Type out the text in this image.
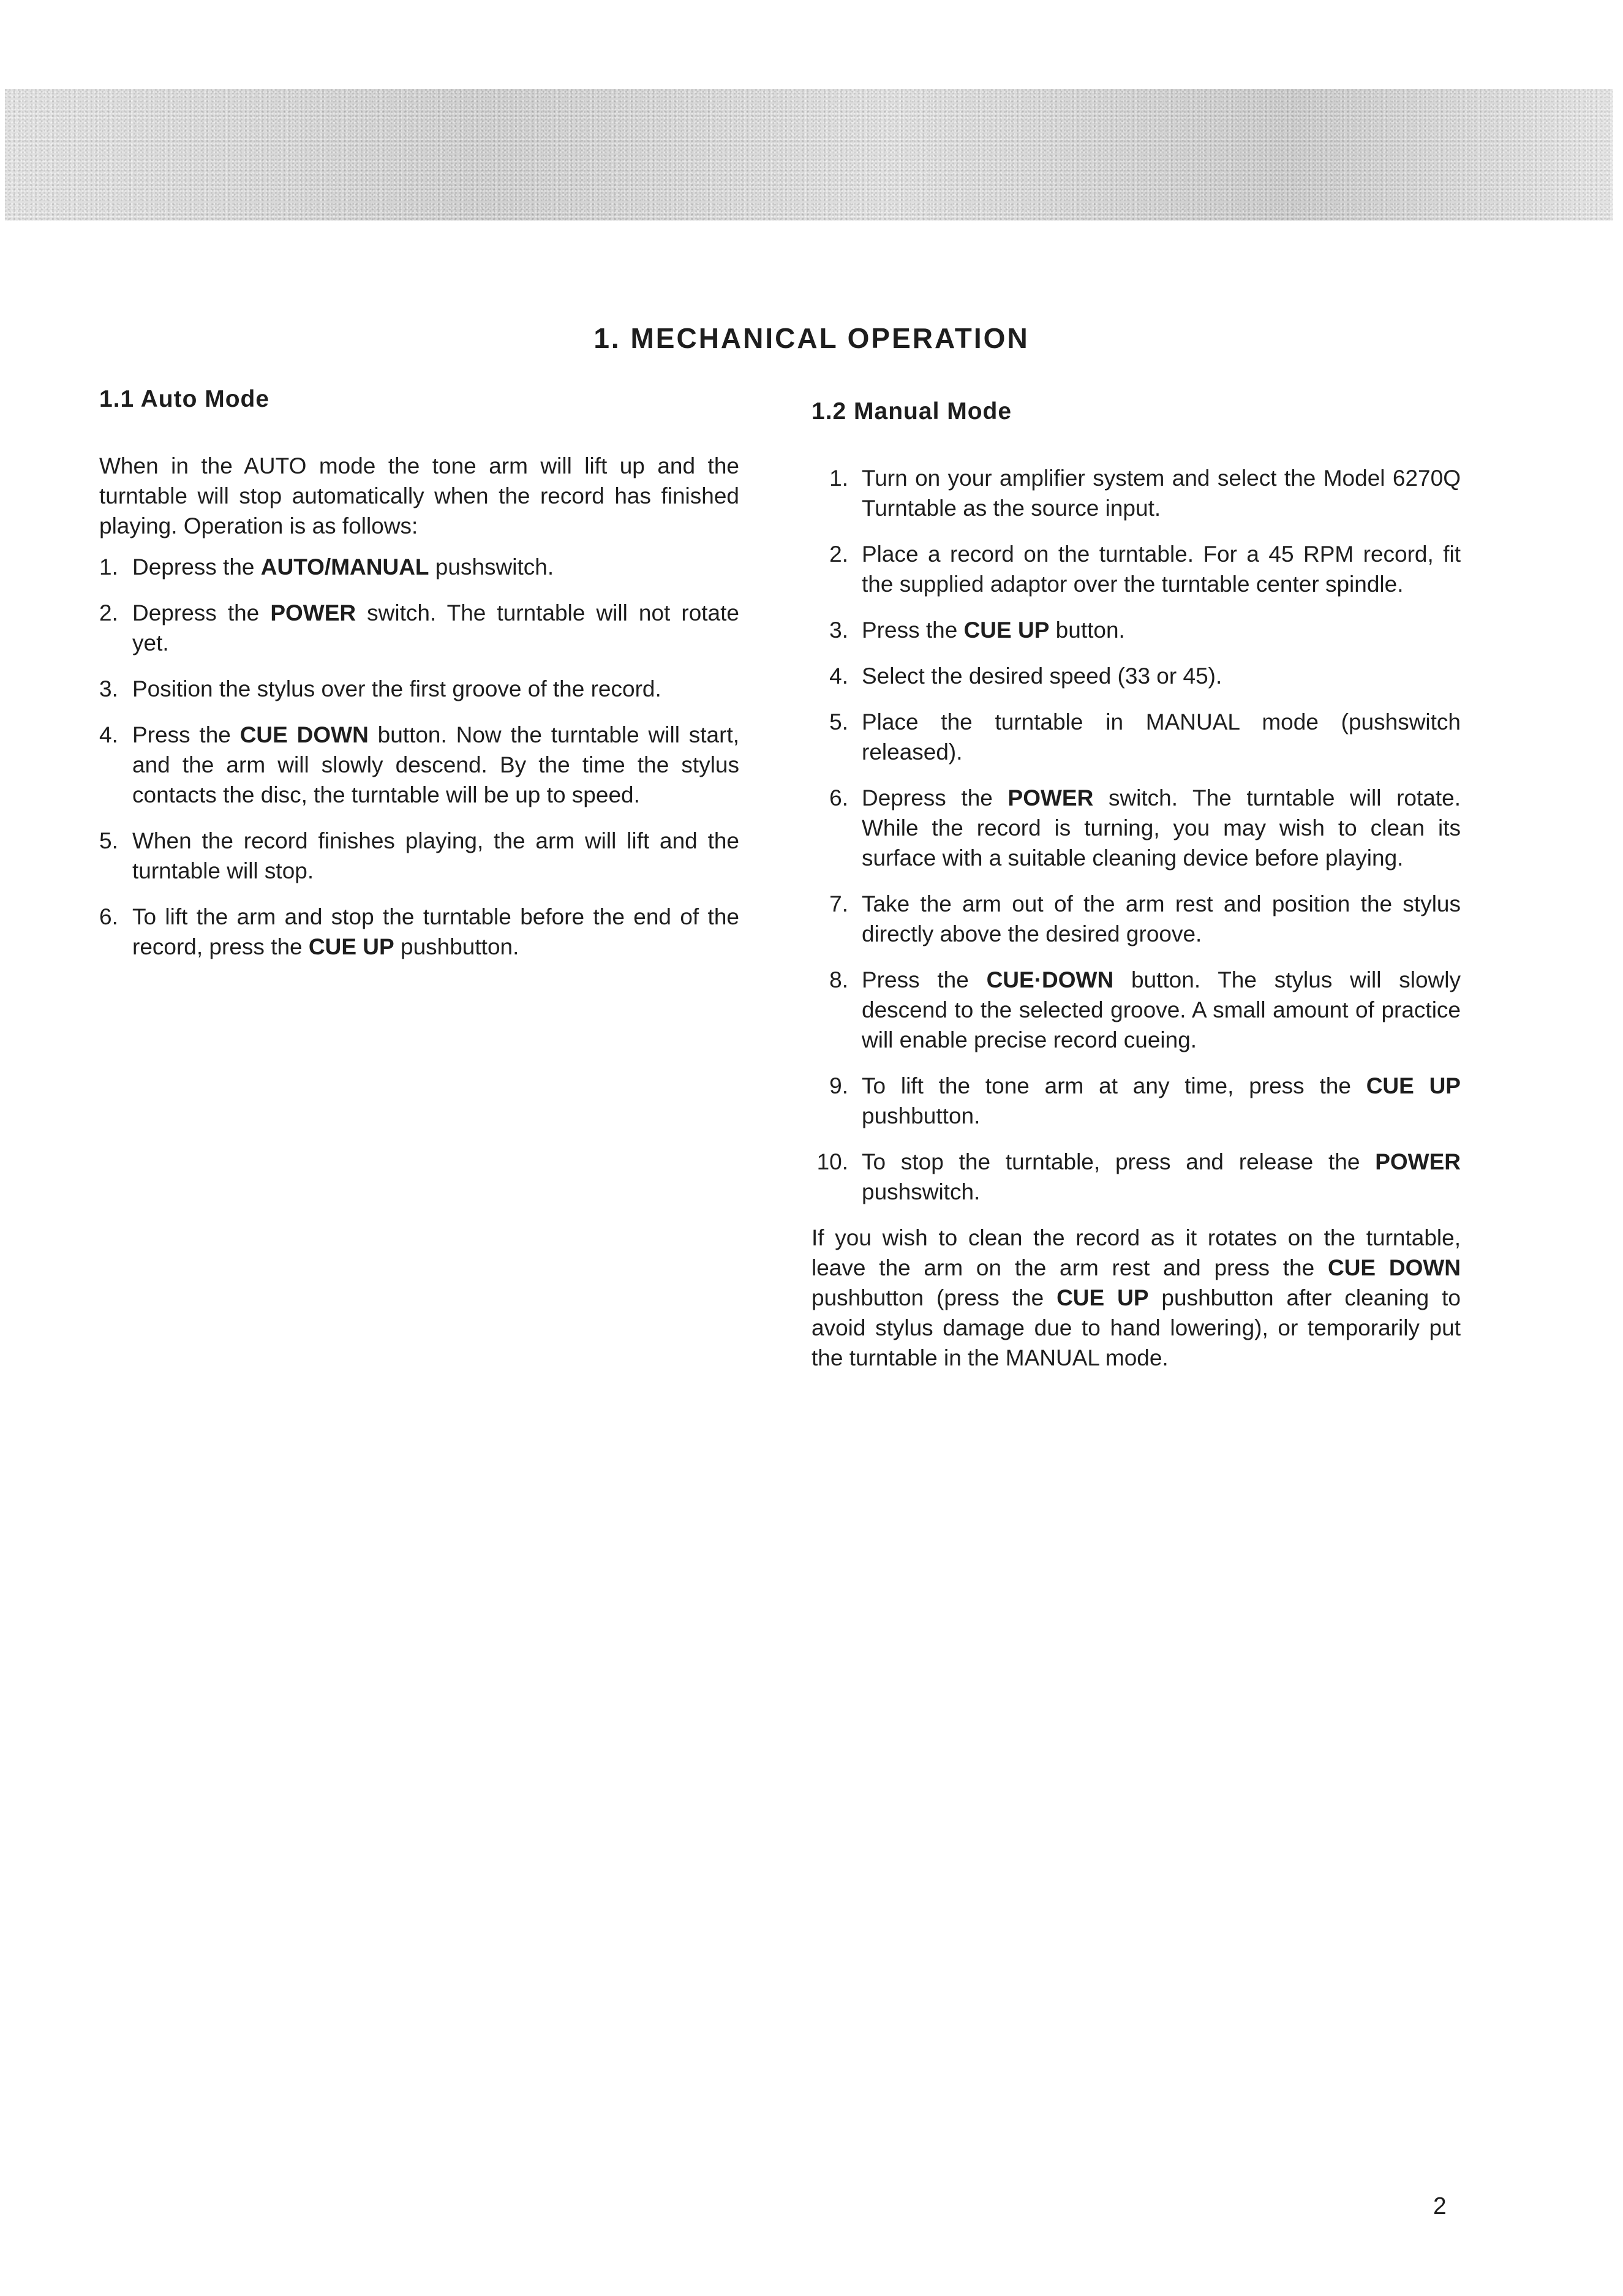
1. MECHANICAL OPERATION
1.1 Auto Mode

When in the AUTO mode the tone arm will lift up and the turntable will stop automatically when the record has finished playing. Operation is as follows:

1. Depress the AUTO/MANUAL pushswitch.
2. Depress the POWER switch. The turntable will not rotate yet.
3. Position the stylus over the first groove of the record.
4. Press the CUE DOWN button. Now the turntable will start, and the arm will slowly descend. By the time the stylus contacts the disc, the turntable will be up to speed.
5. When the record finishes playing, the arm will lift and the turntable will stop.
6. To lift the arm and stop the turntable before the end of the record, press the CUE UP pushbutton.
1.2 Manual Mode
1. Turn on your amplifier system and select the Model 6270Q Turntable as the source input.
2. Place a record on the turntable. For a 45 RPM record, fit the supplied adaptor over the turntable center spindle.
3. Press the CUE UP button.
4. Select the desired speed (33 or 45).
5. Place the turntable in MANUAL mode (pushswitch released).
6. Depress the POWER switch. The turntable will rotate. While the record is turning, you may wish to clean its surface with a suitable cleaning device before playing.
7. Take the arm out of the arm rest and position the stylus directly above the desired groove.
8. Press the CUE·DOWN button. The stylus will slowly descend to the selected groove. A small amount of practice will enable precise record cueing.
9. To lift the tone arm at any time, press the CUE UP pushbutton.
10. To stop the turntable, press and release the POWER pushswitch.

If you wish to clean the record as it rotates on the turntable, leave the arm on the arm rest and press the CUE DOWN pushbutton (press the CUE UP pushbutton after cleaning to avoid stylus damage due to hand lowering), or temporarily put the turntable in the MANUAL mode.

2
